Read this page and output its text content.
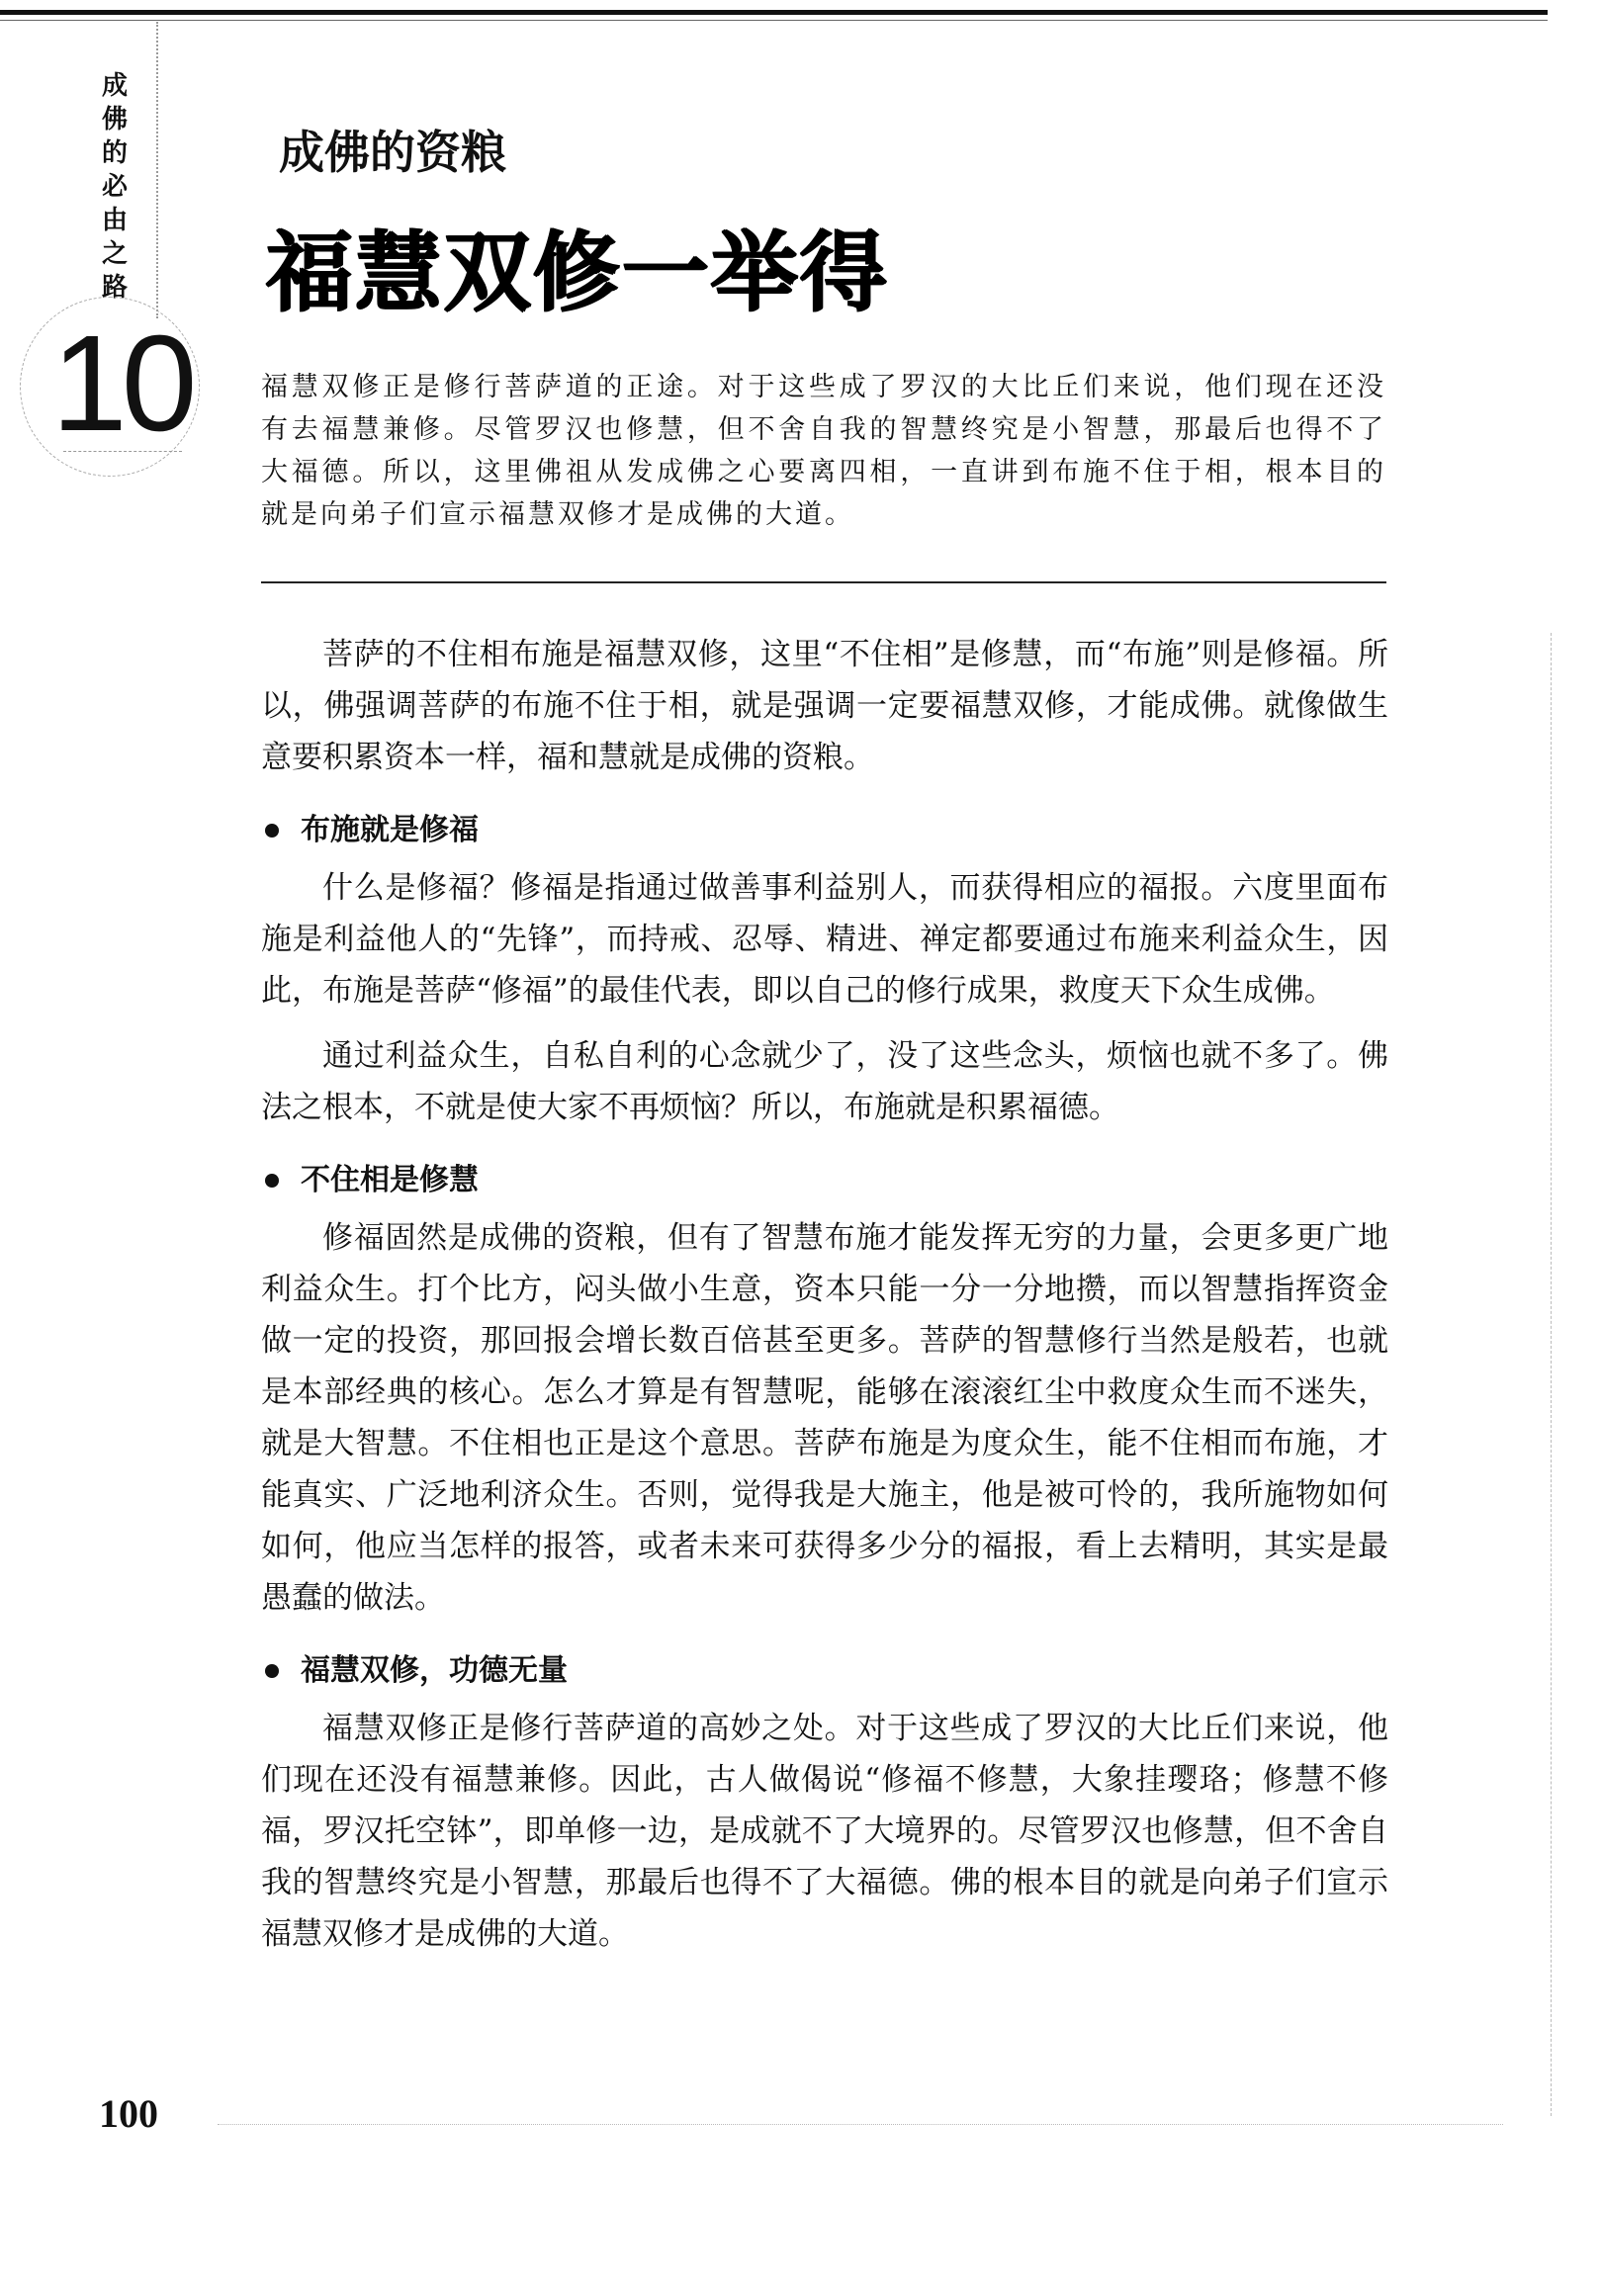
成佛的必由之路
10
成佛的资粮
福慧双修一举得
福慧双修正是修行菩萨道的正途。对于这些成了罗汉的大比丘们来说，他们现在还没有去福慧兼修。尽管罗汉也修慧，但不舍自我的智慧终究是小智慧，那最后也得不了大福德。所以，这里佛祖从发成佛之心要离四相，一直讲到布施不住于相，根本目的就是向弟子们宣示福慧双修才是成佛的大道。

菩萨的不住相布施是福慧双修，这里“不住相”是修慧，而“布施”则是修福。所以，佛强调菩萨的布施不住于相，就是强调一定要福慧双修，才能成佛。就像做生意要积累资本一样，福和慧就是成佛的资粮。

布施就是修福

什么是修福？修福是指通过做善事利益别人，而获得相应的福报。六度里面布施是利益他人的“先锋”，而持戒、忍辱、精进、禅定都要通过布施来利益众生，因此，布施是菩萨“修福”的最佳代表，即以自己的修行成果，救度天下众生成佛。

通过利益众生，自私自利的心念就少了，没了这些念头，烦恼也就不多了。佛法之根本，不就是使大家不再烦恼？所以，布施就是积累福德。

不住相是修慧

修福固然是成佛的资粮，但有了智慧布施才能发挥无穷的力量，会更多更广地利益众生。打个比方，闷头做小生意，资本只能一分一分地攒，而以智慧指挥资金做一定的投资，那回报会增长数百倍甚至更多。菩萨的智慧修行当然是般若，也就是本部经典的核心。怎么才算是有智慧呢，能够在滚滚红尘中救度众生而不迷失，就是大智慧。不住相也正是这个意思。菩萨布施是为度众生，能不住相而布施，才能真实、广泛地利济众生。否则，觉得我是大施主，他是被可怜的，我所施物如何如何，他应当怎样的报答，或者未来可获得多少分的福报，看上去精明，其实是最愚蠢的做法。

福慧双修，功德无量

福慧双修正是修行菩萨道的高妙之处。对于这些成了罗汉的大比丘们来说，他们现在还没有福慧兼修。因此，古人做偈说“修福不修慧，大象挂璎珞；修慧不修福，罗汉托空钵”，即单修一边，是成就不了大境界的。尽管罗汉也修慧，但不舍自我的智慧终究是小智慧，那最后也得不了大福德。佛的根本目的就是向弟子们宣示福慧双修才是成佛的大道。

100
